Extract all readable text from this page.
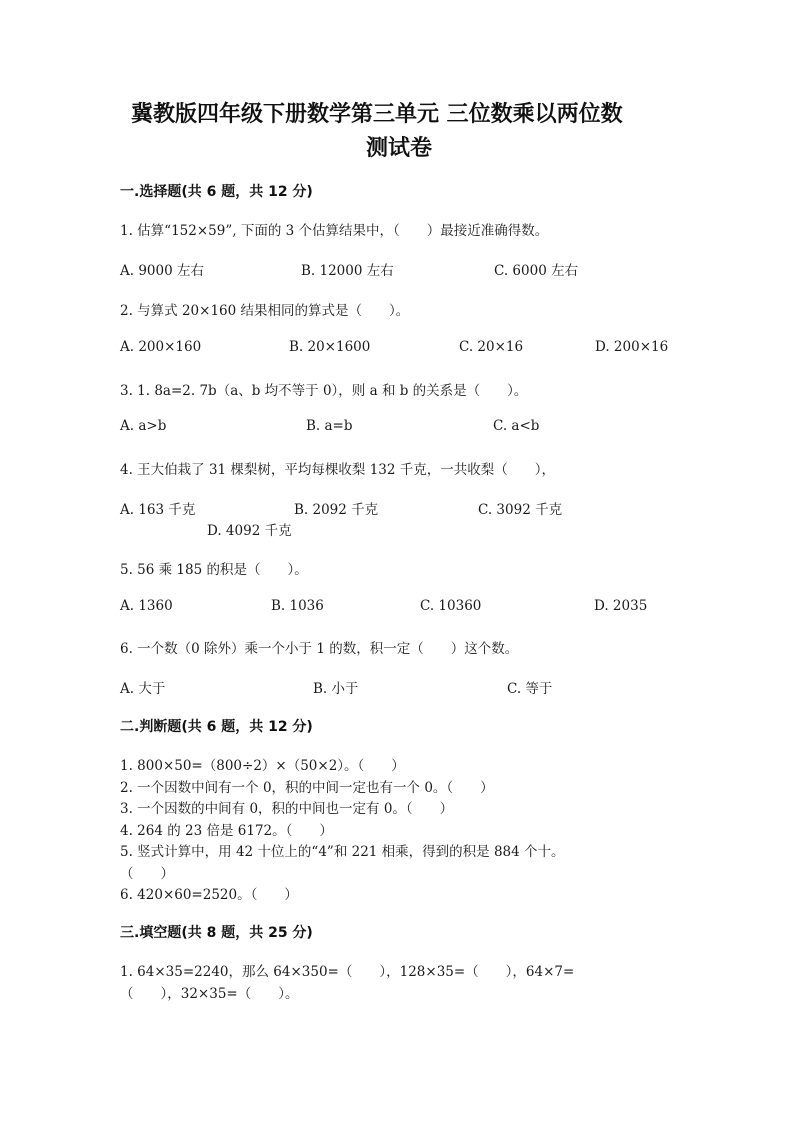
冀教版四年级下册数学第三单元 三位数乘以两位数
测试卷
一.选择题(共 6 题，共 12 分)
1. 估算“152×59”, 下面的 3 个估算结果中，（　　）最接近准确得数。
A. 9000 左右	B. 12000 左右	C. 6000 左右
2. 与算式 20×160 结果相同的算式是（　　）。
A. 200×160	B. 20×1600	C. 20×16	D. 200×16
3. 1. 8a=2. 7b（a、b 均不等于 0），则 a 和 b 的关系是（　　）。
A. a>b	B. a=b	C. a<b
4. 王大伯栽了 31 棵梨树，平均每棵收梨 132 千克，一共收梨（　　），
A. 163 千克	B. 2092 千克	C. 3092 千克
D. 4092 千克
5. 56 乘 185 的积是（　　）。
A. 1360	B. 1036	C. 10360	D. 2035
6. 一个数（0 除外）乘一个小于 1 的数，积一定（　　）这个数。
A. 大于	B. 小于	C. 等于
二.判断题(共 6 题，共 12 分)
1. 800×50=（800÷2）×（50×2）。（　　）
2. 一个因数中间有一个 0，积的中间一定也有一个 0。（　　）
3. 一个因数的中间有 0，积的中间也一定有 0。（　　）
4. 264 的 23 倍是 6172。（　　）
5. 竖式计算中，用 42 十位上的“4”和 221 相乘，得到的积是 884 个十。
（　　）
6. 420×60=2520。（　　）
三.填空题(共 8 题，共 25 分)
1. 64×35=2240，那么 64×350=（　　），128×35=（　　），64×7=
（　　），32×35=（　　）。
